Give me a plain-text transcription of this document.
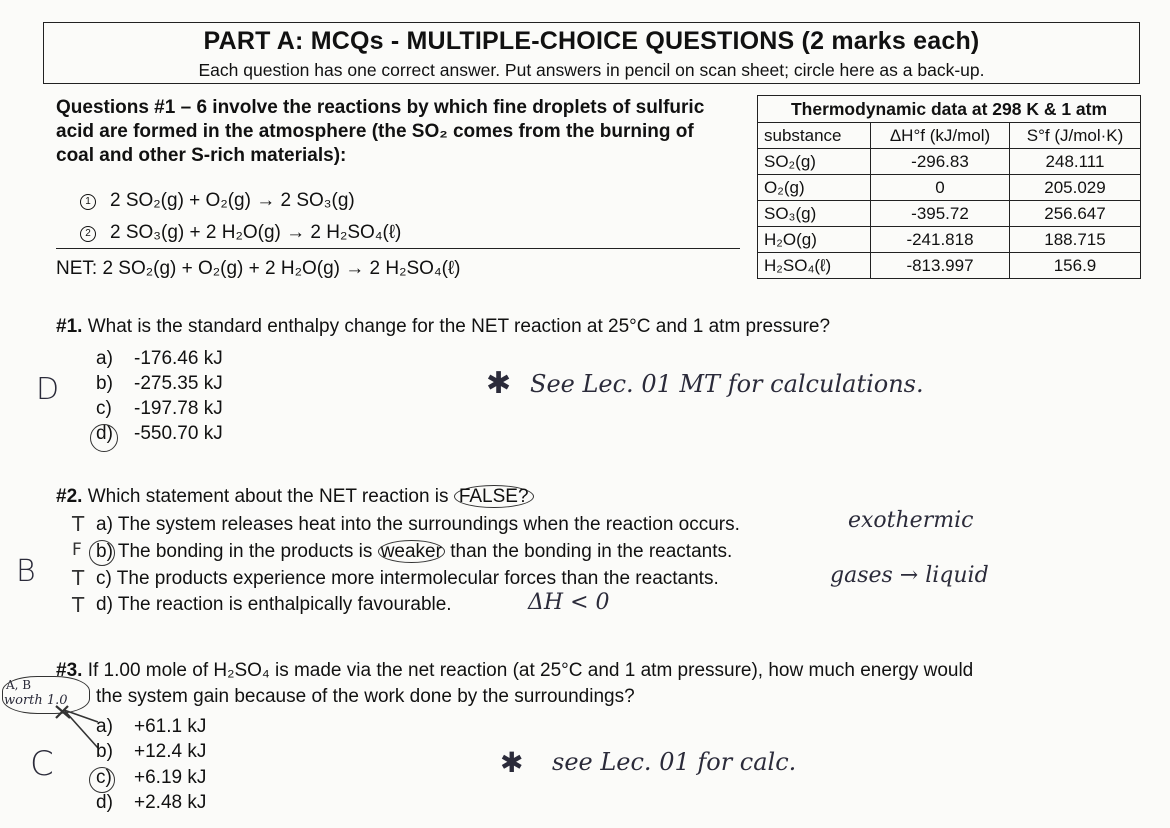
PART A: MCQs - MULTIPLE-CHOICE QUESTIONS (2 marks each)
Each question has one correct answer. Put answers in pencil on scan sheet; circle here as a back-up.
Questions #1 – 6 involve the reactions by which fine droplets of sulfuric acid are formed in the atmosphere (the SO₂ comes from the burning of coal and other S-rich materials):
1 2 SO₂(g) + O₂(g) → 2 SO₃(g)
2 2 SO₃(g) + 2 H₂O(g) → 2 H₂SO₄(ℓ)
NET: 2 SO₂(g) + O₂(g) + 2 H₂O(g) → 2 H₂SO₄(ℓ)
Thermodynamic data at 298 K & 1 atm		
substance	ΔH°f (kJ/mol)	S°f (J/mol·K)
SO₂(g)	-296.83	248.111
O₂(g)	0	205.029
SO₃(g)	-395.72	256.647
H₂O(g)	-241.818	188.715
H₂SO₄(ℓ)	-813.997	156.9
#1. What is the standard enthalpy change for the NET reaction at 25°C and 1 atm pressure?
a) -176.46 kJ
b) -275.35 kJ
c) -197.78 kJ
d) -550.70 kJ
D	✱ See Lec. 01 MT for calculations.
#2. Which statement about the NET reaction is FALSE?
T a) The system releases heat into the surroundings when the reaction occurs.	exothermic
F b) The bonding in the products is weaker than the bonding in the reactants.
T c) The products experience more intermolecular forces than the reactants.	gases → liquid
T d) The reaction is enthalpically favourable.	ΔH < 0
B
#3. If 1.00 mole of H₂SO₄ is made via the net reaction (at 25°C and 1 atm pressure), how much energy would
the system gain because of the work done by the surroundings?
A, B
worth 1.0
a) +61.1 kJ
b) +12.4 kJ
c) +6.19 kJ
d) +2.48 kJ
C	✱ see Lec. 01 for calc.
